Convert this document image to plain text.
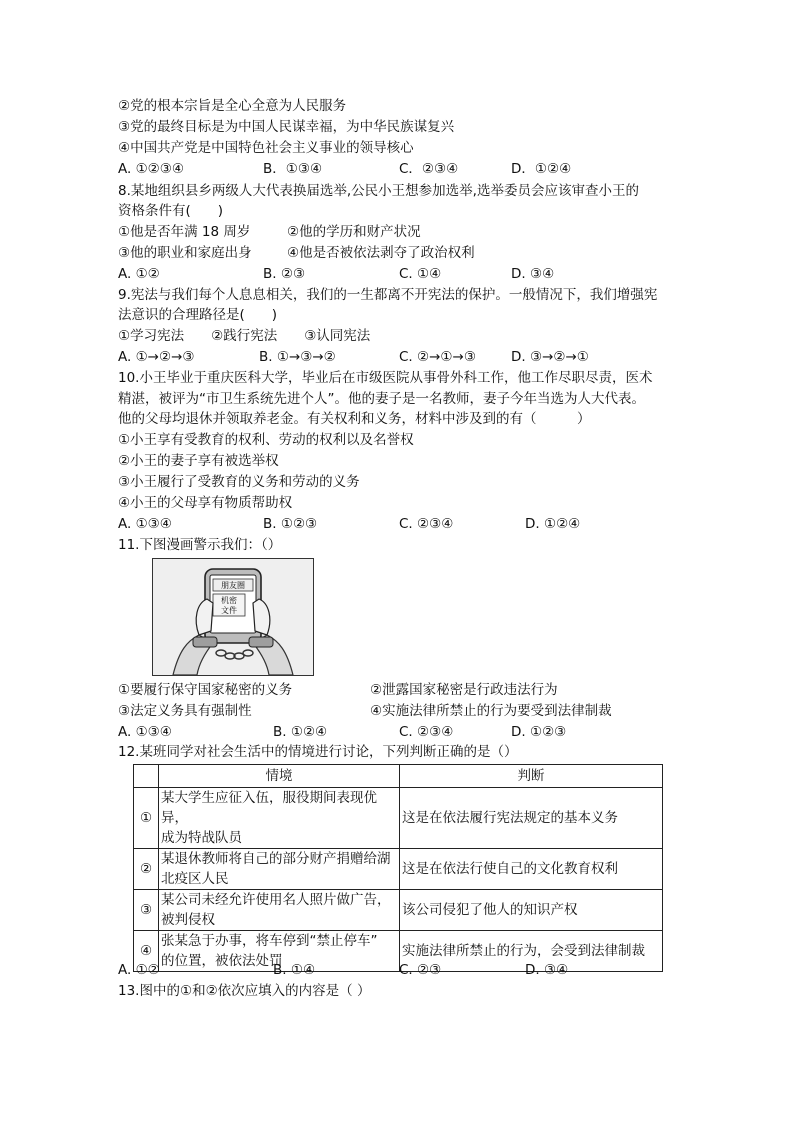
②党的根本宗旨是全心全意为人民服务
③党的最终目标是为中国人民谋幸福，为中华民族谋复兴
④中国共产党是中国特色社会主义事业的领导核心
A. ①②③④	B．①③④	C．②③④	D．①②④
8.某地组织县乡两级人大代表换届选举,公民小王想参加选举,选举委员会应该审查小王的
资格条件有(　　)
①他是否年满 18 周岁	②他的学历和财产状况
③他的职业和家庭出身	④他是否被依法剥夺了政治权利
A. ①②	B. ②③	C. ①④	D. ③④
9.宪法与我们每个人息息相关，我们的一生都离不开宪法的保护。一般情况下，我们增强宪
法意识的合理路径是(　　)
①学习宪法　　②践行宪法　　③认同宪法
A. ①→②→③	B. ①→③→②	C. ②→①→③	D. ③→②→①
10.小王毕业于重庆医科大学，毕业后在市级医院从事骨外科工作，他工作尽职尽责，医术
精湛，被评为“市卫生系统先进个人”。他的妻子是一名教师，妻子今年当选为人大代表。
他的父母均退休并领取养老金。有关权利和义务，材料中涉及到的有（　　　）
①小王享有受教育的权利、劳动的权利以及名誉权
②小王的妻子享有被选举权
③小王履行了受教育的义务和劳动的义务
④小王的父母享有物质帮助权
A. ①③④	B. ①②③	C. ②③④	D. ①②④
11.下图漫画警示我们：（）
朋友圈
机密
文件
①要履行保守国家秘密的义务	②泄露国家秘密是行政违法行为
③法定义务具有强制性	④实施法律所禁止的行为要受到法律制裁
A. ①③④	B. ①②④	C. ②③④	D. ①②③
12.某班同学对社会生活中的情境进行讨论，下列判断正确的是（）
	情境	判断
①	某大学生应征入伍，服役期间表现优异，
成为特战队员	这是在依法履行宪法规定的基本义务
②	某退休教师将自己的部分财产捐赠给湖
北疫区人民	这是在依法行使自己的文化教育权利
③	某公司未经允许使用名人照片做广告，
被判侵权	该公司侵犯了他人的知识产权
④	张某急于办事，将车停到“禁止停车”
的位置，被依法处罚	实施法律所禁止的行为，会受到法律制裁
A. ①②	B. ①④	C. ②③	D. ③④
13.图中的①和②依次应填入的内容是（ ）
